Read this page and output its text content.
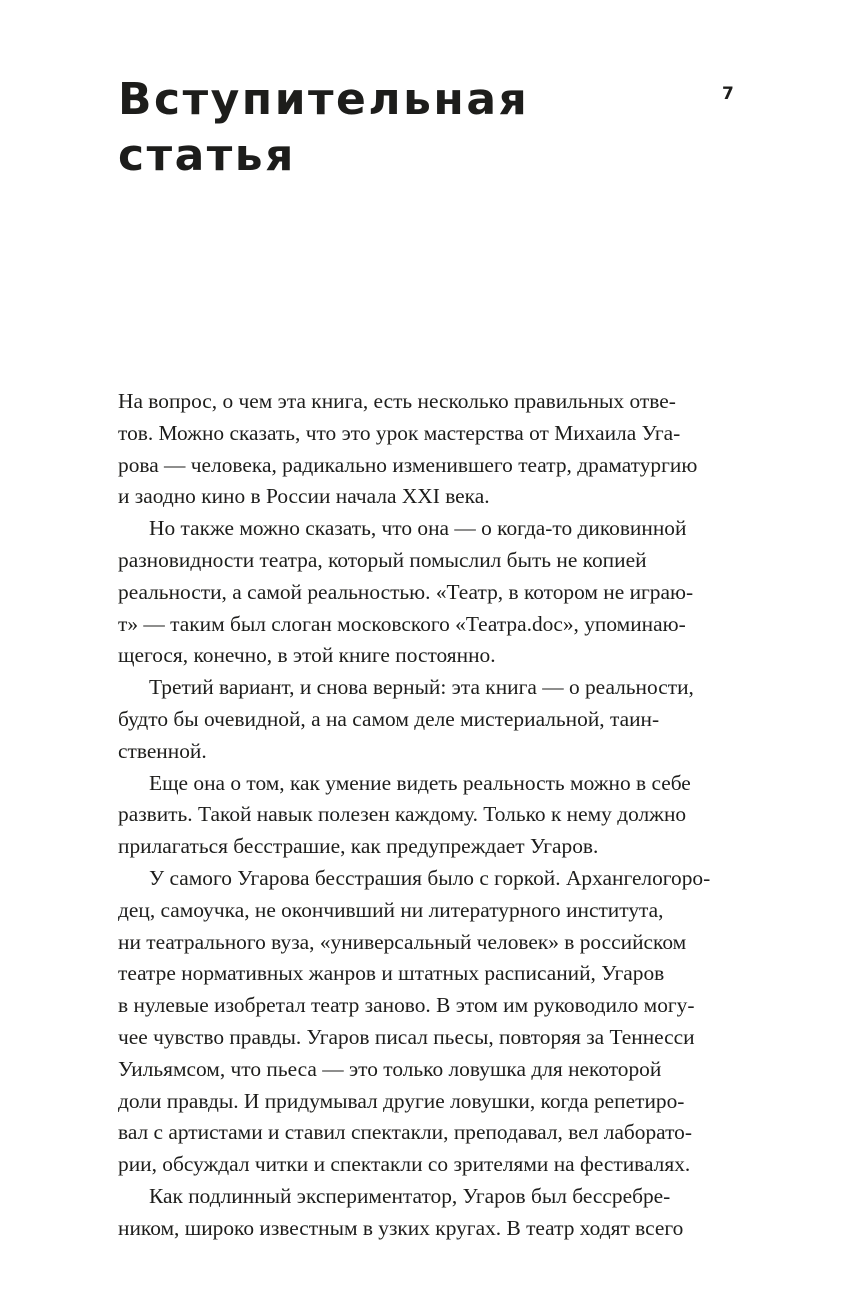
7
Вступительная
статья

На вопрос, о чем эта книга, есть несколько правильных отве-
тов. Можно сказать, что это урок мастерства от Михаила Уга-
рова — человека, радикально изменившего театр, драматургию
и заодно кино в России начала XXI века.

Но также можно сказать, что она — о когда-то диковинной
разновидности театра, который помыслил быть не копией
реальности, а самой реальностью. «Театр, в котором не играю-
т» — таким был слоган московского «Театра.doc», упоминаю-
щегося, конечно, в этой книге постоянно.

Третий вариант, и снова верный: эта книга — о реальности,
будто бы очевидной, а на самом деле мистериальной, таин-
ственной.

Еще она о том, как умение видеть реальность можно в себе
развить. Такой навык полезен каждому. Только к нему должно
прилагаться бесстрашие, как предупреждает Угаров.

У самого Угарова бесстрашия было с горкой. Архангелогоро-
дец, самоучка, не окончивший ни литературного института,
ни театрального вуза, «универсальный человек» в российском
театре нормативных жанров и штатных расписаний, Угаров
в нулевые изобретал театр заново. В этом им руководило могу-
чее чувство правды. Угаров писал пьесы, повторяя за Теннесси
Уильямсом, что пьеса — это только ловушка для некоторой
доли правды. И придумывал другие ловушки, когда репетиро-
вал с артистами и ставил спектакли, преподавал, вел лаборато-
рии, обсуждал читки и спектакли со зрителями на фестивалях.

Как подлинный экспериментатор, Угаров был бессребре-
ником, широко известным в узких кругах. В театр ходят всего
